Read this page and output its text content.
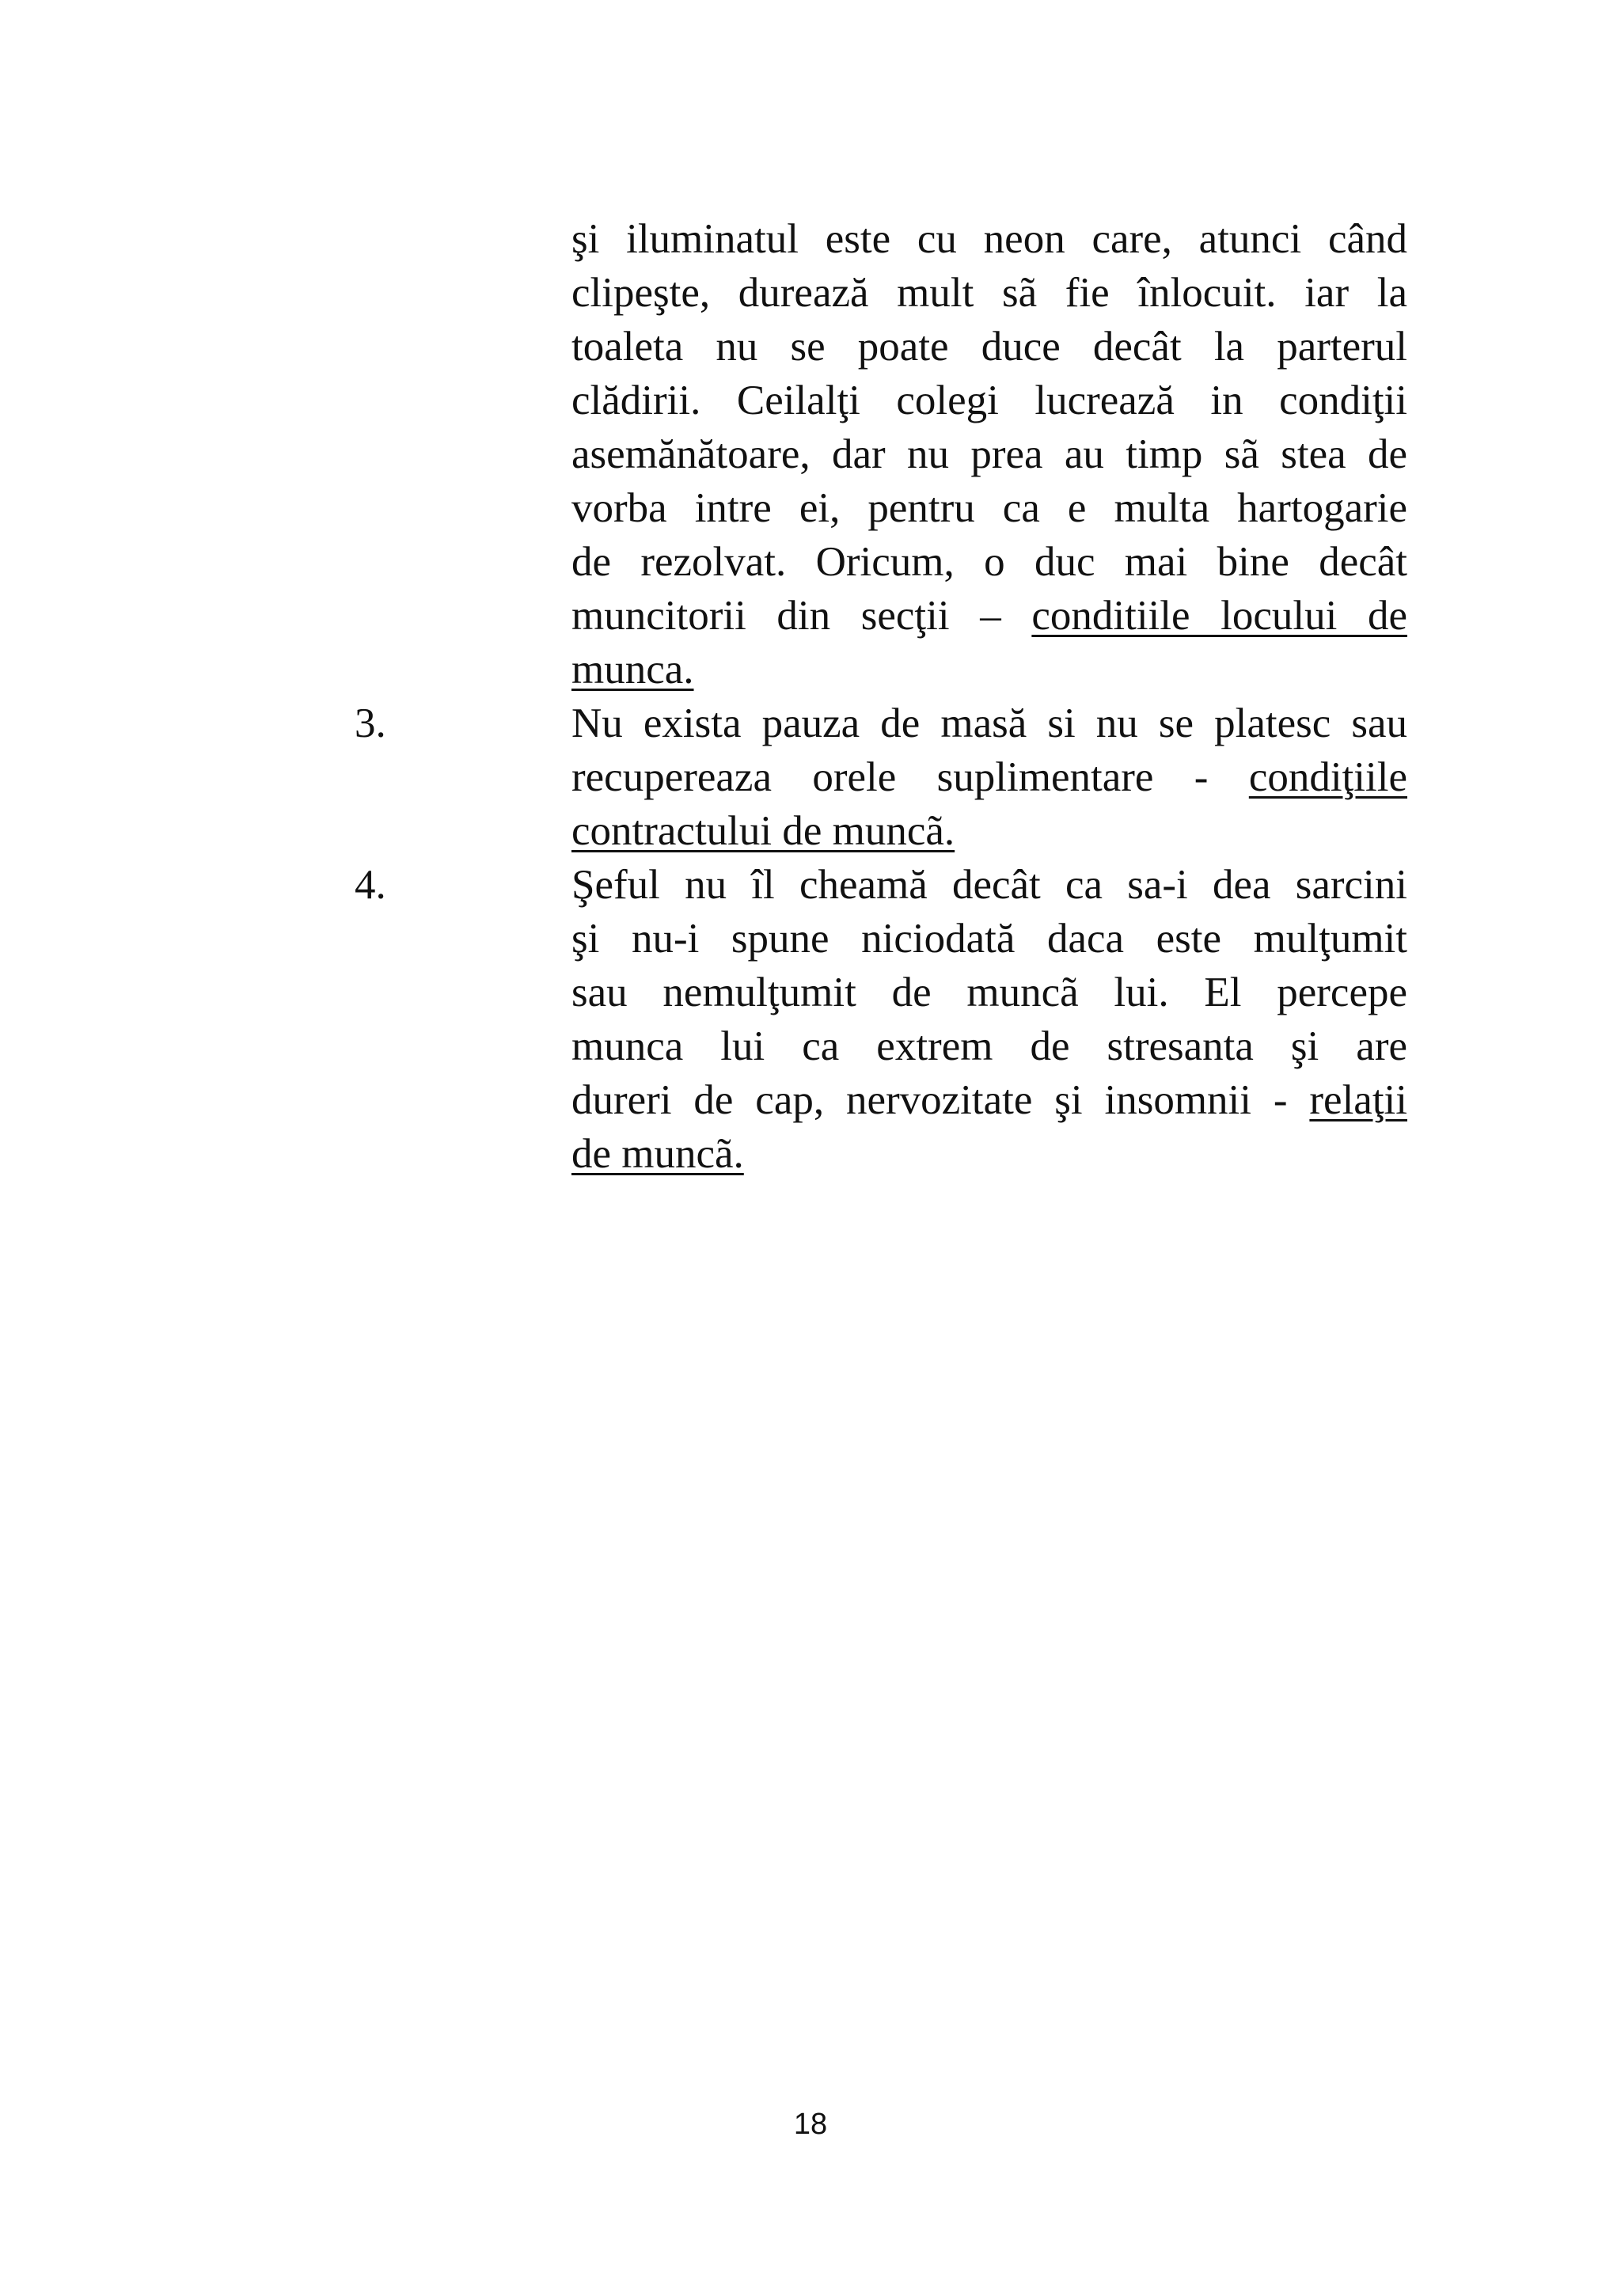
şi iluminatul este cu neon care, atunci când
clipeşte, durează mult sã fie înlocuit. iar la
toaleta nu se poate duce decât la parterul
clădirii. Ceilalţi colegi lucrează in condiţii
asemănătoare, dar nu prea au timp sã stea de
vorba intre ei, pentru ca e multa hartogarie
de rezolvat. Oricum, o duc mai bine decât
muncitorii din secţii – conditiile locului de
munca.
3.	Nu exista pauza de masă si nu se platesc sau
recupereaza orele suplimentare - condiţiile
contractului de muncã.
4.	Şeful nu îl cheamă decât ca sa-i dea sarcini
şi nu-i spune niciodată daca este mulţumit
sau nemulţumit de muncã lui. El percepe
munca lui ca extrem de stresanta şi are
dureri de cap, nervozitate şi insomnii - relaţii
de muncã.
18
